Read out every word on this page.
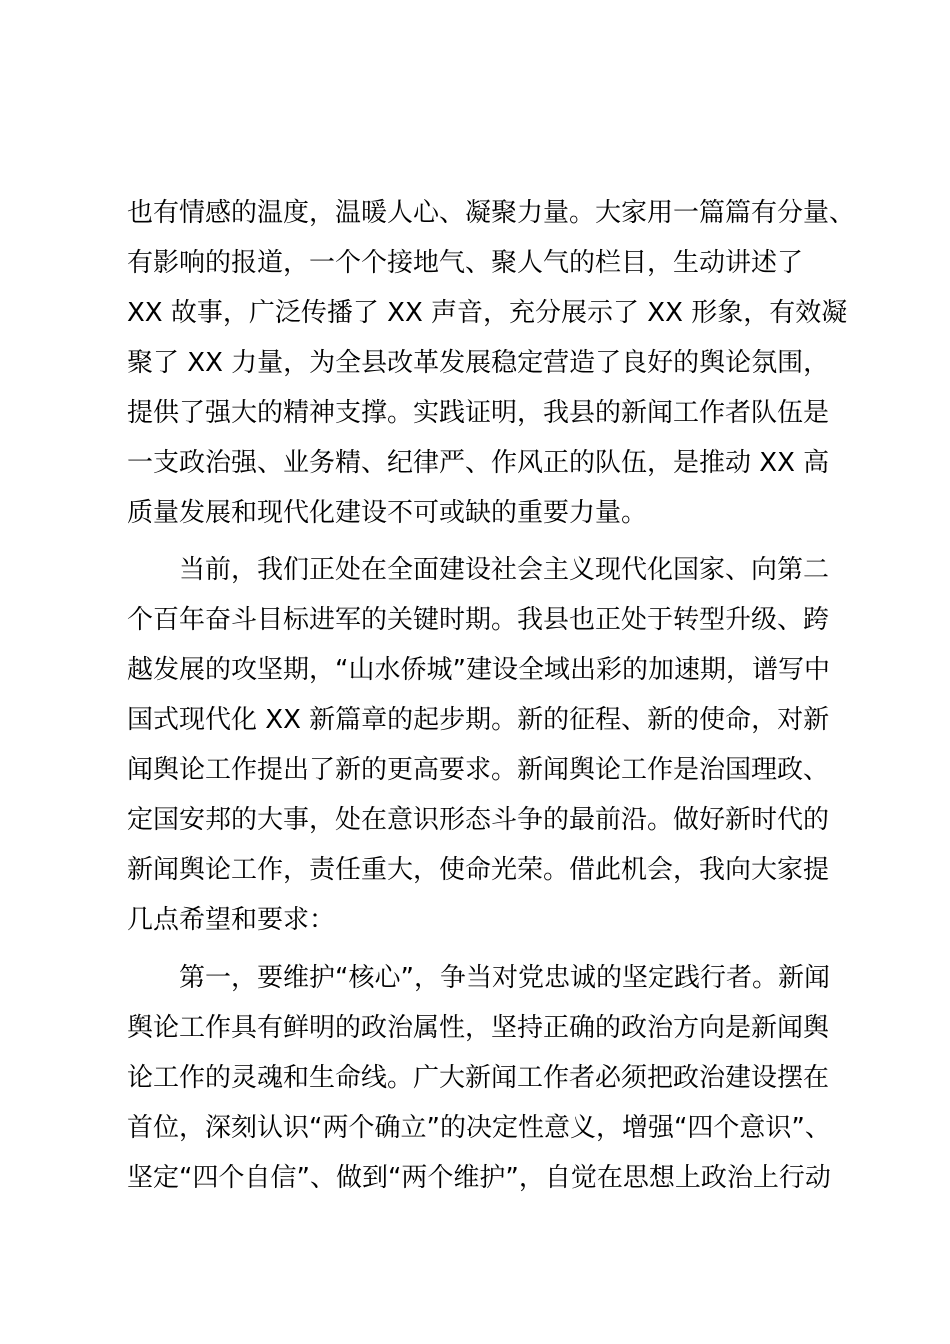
也有情感的温度，温暖人心、凝聚力量。大家用一篇篇有分量、
有影响的报道，一个个接地气、聚人气的栏目，生动讲述了
XX 故事，广泛传播了 XX 声音，充分展示了 XX 形象，有效凝
聚了 XX 力量，为全县改革发展稳定营造了良好的舆论氛围，
提供了强大的精神支撑。实践证明，我县的新闻工作者队伍是
一支政治强、业务精、纪律严、作风正的队伍，是推动 XX 高
质量发展和现代化建设不可或缺的重要力量。
当前，我们正处在全面建设社会主义现代化国家、向第二
个百年奋斗目标进军的关键时期。我县也正处于转型升级、跨
越发展的攻坚期，“山水侨城”建设全域出彩的加速期，谱写中
国式现代化 XX 新篇章的起步期。新的征程、新的使命，对新
闻舆论工作提出了新的更高要求。新闻舆论工作是治国理政、
定国安邦的大事，处在意识形态斗争的最前沿。做好新时代的
新闻舆论工作，责任重大，使命光荣。借此机会，我向大家提
几点希望和要求：
第一，要维护“核心”，争当对党忠诚的坚定践行者。新闻
舆论工作具有鲜明的政治属性，坚持正确的政治方向是新闻舆
论工作的灵魂和生命线。广大新闻工作者必须把政治建设摆在
首位，深刻认识“两个确立”的决定性意义，增强“四个意识”、
坚定“四个自信”、做到“两个维护”，自觉在思想上政治上行动
